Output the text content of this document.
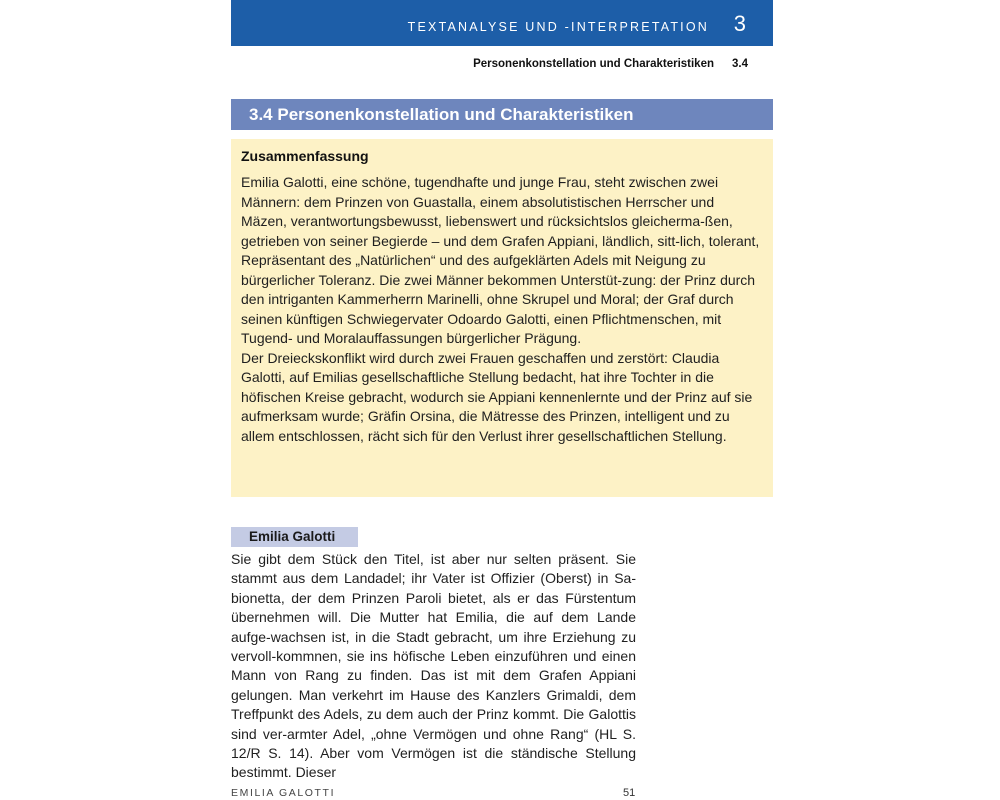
TEXTANALYSE UND -INTERPRETATION 3
Personenkonstellation und Charakteristiken 3.4
3.4 Personenkonstellation und Charakteristiken
Zusammenfassung

Emilia Galotti, eine schöne, tugendhafte und junge Frau, steht zwischen zwei Männern: dem Prinzen von Guastalla, einem absolutistischen Herrscher und Mäzen, verantwortungsbewusst, liebenswert und rücksichtslos gleicherma-ßen, getrieben von seiner Begierde – und dem Grafen Appiani, ländlich, sitt-lich, tolerant, Repräsentant des „Natürlichen“ und des aufgeklärten Adels mit Neigung zu bürgerlicher Toleranz. Die zwei Männer bekommen Unterstüt-zung: der Prinz durch den intriganten Kammerherrn Marinelli, ohne Skrupel und Moral; der Graf durch seinen künftigen Schwiegervater Odoardo Galotti, einen Pflichtmenschen, mit Tugend- und Moralauffassungen bürgerlicher Prägung.

Der Dreieckskonflikt wird durch zwei Frauen geschaffen und zerstört: Claudia Galotti, auf Emilias gesellschaftliche Stellung bedacht, hat ihre Tochter in die höfischen Kreise gebracht, wodurch sie Appiani kennenlernte und der Prinz auf sie aufmerksam wurde; Gräfin Orsina, die Mätresse des Prinzen, intelligent und zu allem entschlossen, rächt sich für den Verlust ihrer gesellschaftlichen Stellung.

Emilia Galotti

Sie gibt dem Stück den Titel, ist aber nur selten präsent. Sie stammt aus dem Landadel; ihr Vater ist Offizier (Oberst) in Sa-bionetta, der dem Prinzen Paroli bietet, als er das Fürstentum übernehmen will. Die Mutter hat Emilia, die auf dem Lande aufge-wachsen ist, in die Stadt gebracht, um ihre Erziehung zu vervoll-kommnen, sie ins höfische Leben einzuführen und einen Mann von Rang zu finden. Das ist mit dem Grafen Appiani gelungen. Man verkehrt im Hause des Kanzlers Grimaldi, dem Treffpunkt des Adels, zu dem auch der Prinz kommt. Die Galottis sind ver-armter Adel, „ohne Vermögen und ohne Rang“ (HL S. 12/R S. 14). Aber vom Vermögen ist die ständische Stellung bestimmt. Dieser

EMILIA GALOTTI	51
